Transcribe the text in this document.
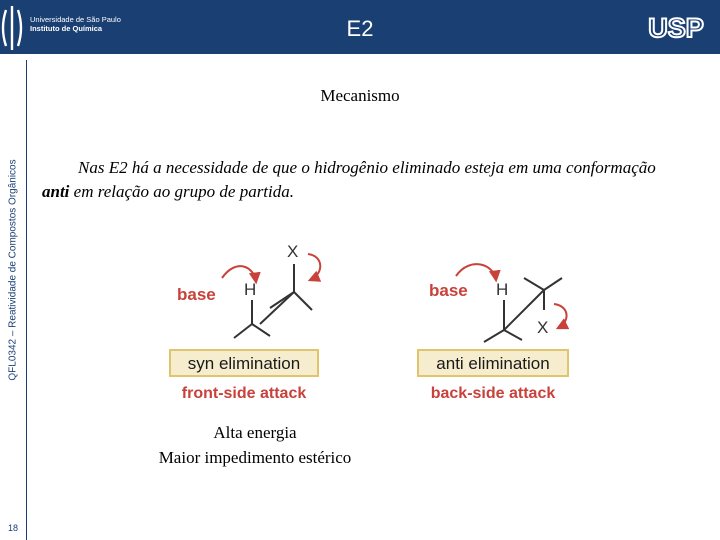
Universidade de São Paulo
Instituto de Química	E2	USP
QFL0342 – Reatividade de Compostos Orgânicos
18
Mecanismo
Nas E2 há a necessidade de que o hidrogênio eliminado esteja em uma conformação anti em relação ao grupo de partida.
base H
X
syn elimination
front-side attack
base H
X
anti elimination
back-side attack
Alta energia
Maior impedimento estérico
